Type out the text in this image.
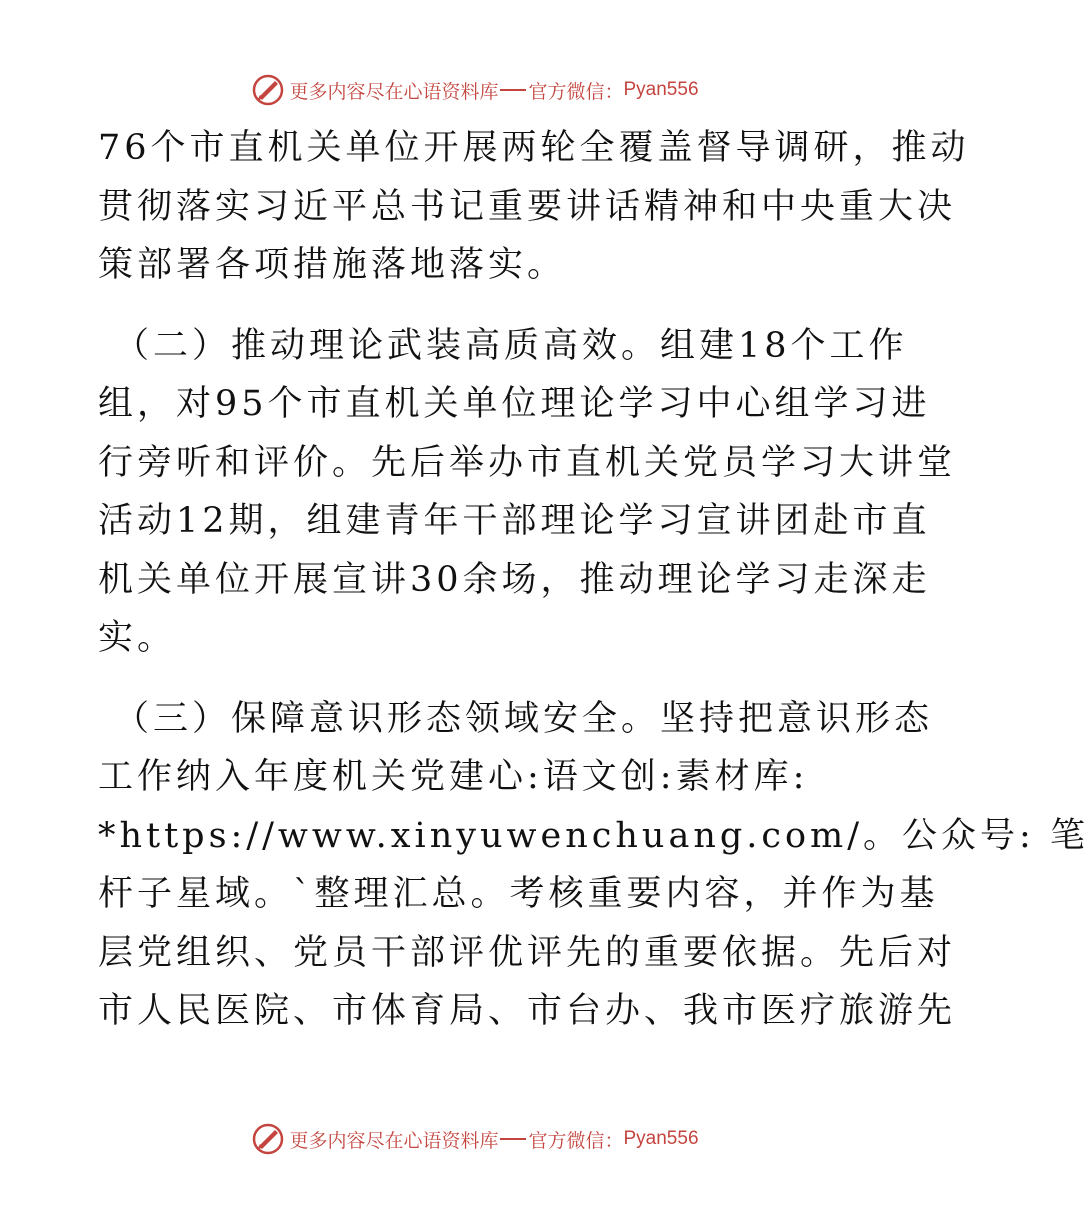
更多内容尽在心语资料库 官方微信： Pyan556

76个市直机关单位开展两轮全覆盖督导调研，推动
贯彻落实习近平总书记重要讲话精神和中央重大决
策部署各项措施落地落实。

（二）推动理论武装高质高效。组建18个工作
组，对95个市直机关单位理论学习中心组学习进
行旁听和评价。先后举办市直机关党员学习大讲堂
活动12期，组建青年干部理论学习宣讲团赴市直
机关单位开展宣讲30余场，推动理论学习走深走
实。

（三）保障意识形态领域安全。坚持把意识形态
工作纳入年度机关党建心:语文创:素材库:
*https://www.xinyuwenchuang.com/。公众号: 笔
杆子星域。`整理汇总。考核重要内容，并作为基
层党组织、党员干部评优评先的重要依据。先后对
市人民医院、市体育局、市台办、我市医疗旅游先

更多内容尽在心语资料库 官方微信： Pyan556
